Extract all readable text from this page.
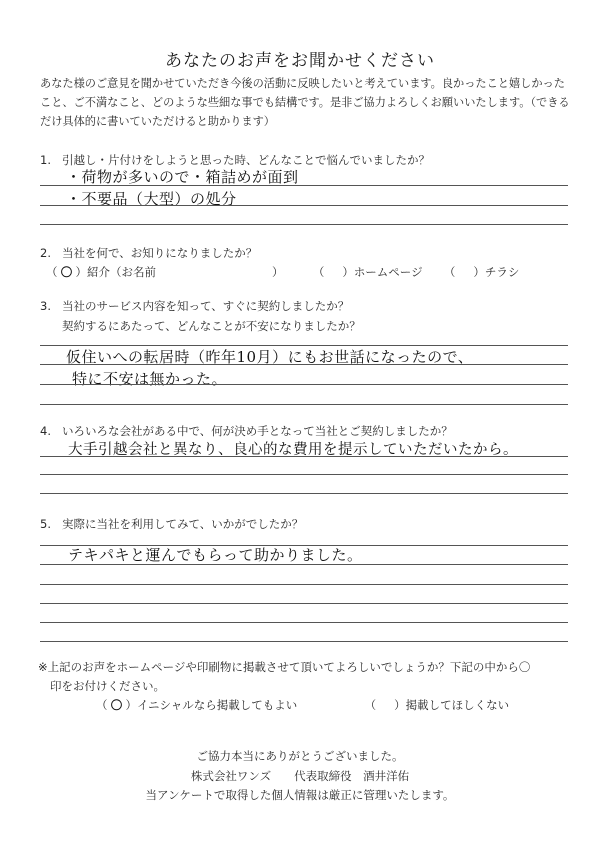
あなたのお声をお聞かせください
あなた様のご意見を聞かせていただき今後の活動に反映したいと考えています。良かったこと嬉しかったこと、ご不満なこと、どのような些細な事でも結構です。是非ご協力よろしくお願いいたします。（できるだけ具体的に書いていただけると助かります）
1. 引越し・片付けをしようと思った時、どんなことで悩んでいましたか？
・荷物が多いので・箱詰めが面到
・不要品（大型）の処分
2. 当社を何で、お知りになりましたか？
（ 〇 ）紹介（お名前	）	（ ）ホームページ （ ）チラシ
3. 当社のサービス内容を知って、すぐに契約しましたか？
契約するにあたって、どんなことが不安になりましたか？
仮住いへの転居時（昨年10月）にもお世話になったので、
特に不安は無かった。
4. いろいろな会社がある中で、何が決め手となって当社とご契約しましたか？
大手引越会社と異なり、良心的な費用を提示していただいたから。
5. 実際に当社を利用してみて、いかがでしたか？
テキパキと運んでもらって助かりました。
※上記のお声をホームページや印刷物に掲載させて頂いてよろしいでしょうか？下記の中から〇
印をお付けください。
（ 〇 ）イニシャルなら掲載してもよい	（ ）掲載してほしくない
ご協力本当にありがとうございました。
株式会社ワンズ　　代表取締役　酒井洋佑
当アンケートで取得した個人情報は厳正に管理いたします。
